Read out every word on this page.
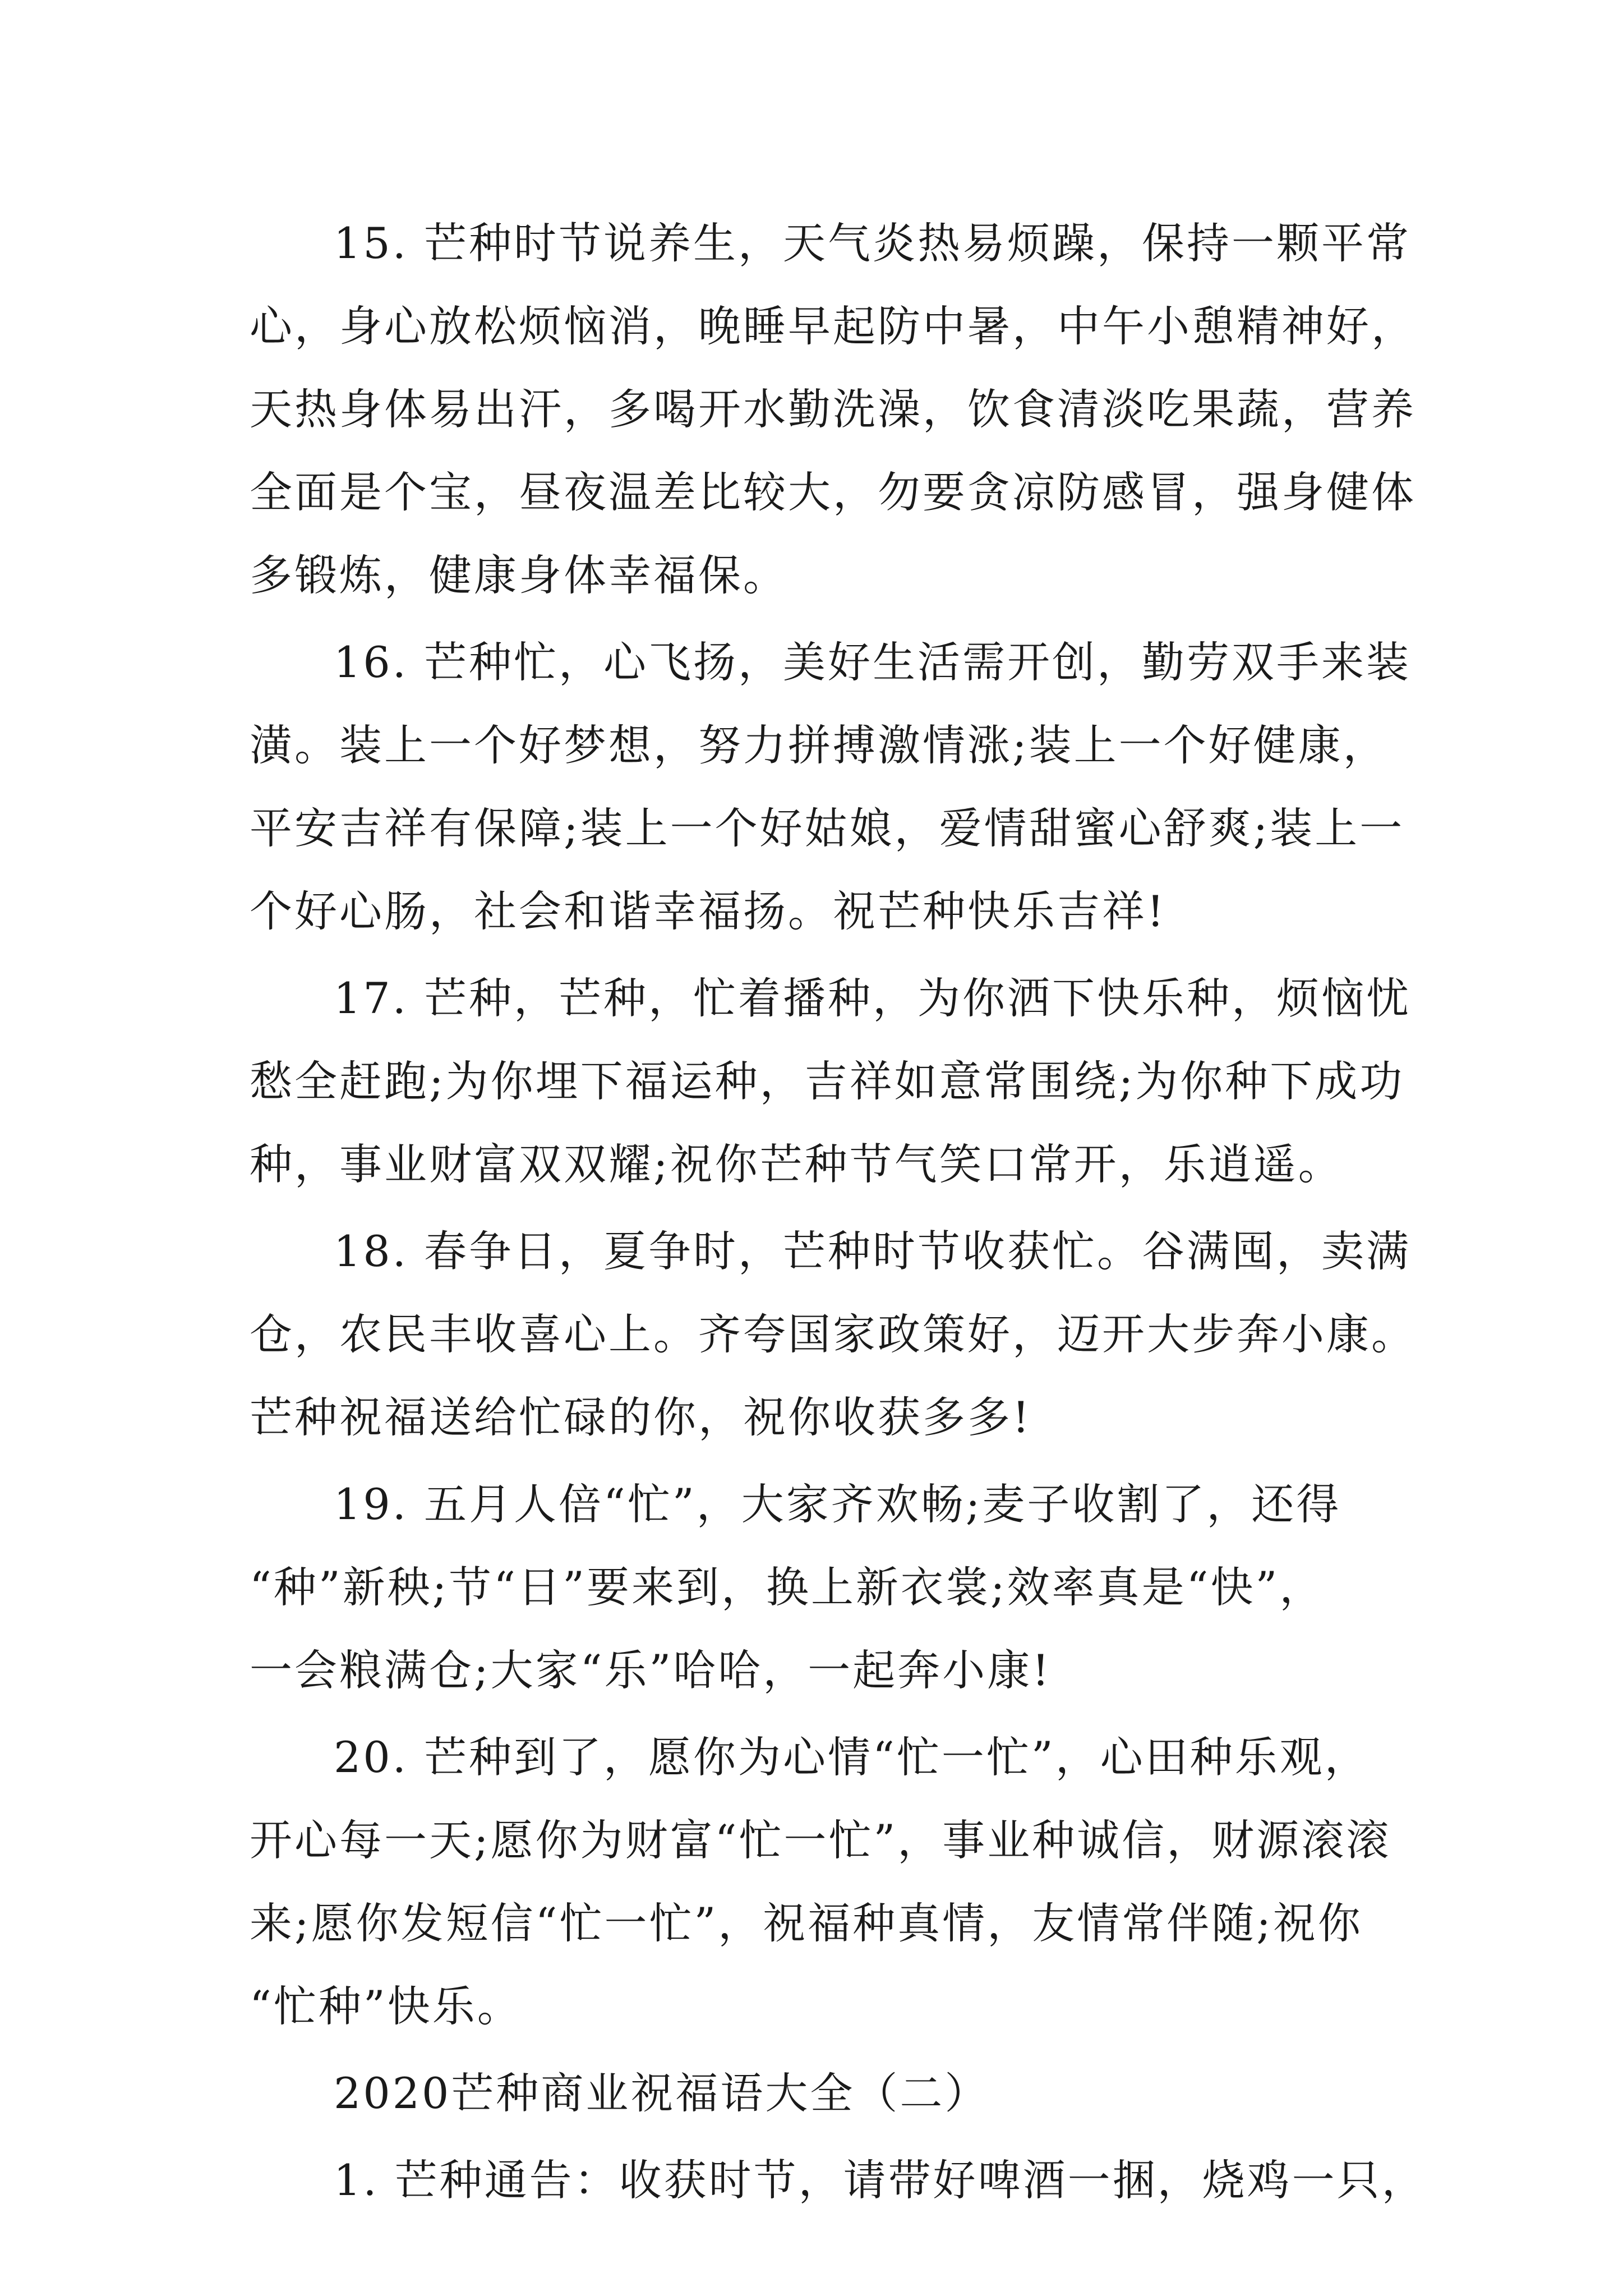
15. 芒种时节说养生，天气炎热易烦躁，保持一颗平常
心，身心放松烦恼消，晚睡早起防中暑，中午小憩精神好，
天热身体易出汗，多喝开水勤洗澡，饮食清淡吃果蔬，营养
全面是个宝，昼夜温差比较大，勿要贪凉防感冒，强身健体
多锻炼，健康身体幸福保。
16. 芒种忙，心飞扬，美好生活需开创，勤劳双手来装
潢。装上一个好梦想，努力拼搏激情涨;装上一个好健康，
平安吉祥有保障;装上一个好姑娘，爱情甜蜜心舒爽;装上一
个好心肠，社会和谐幸福扬。祝芒种快乐吉祥!
17. 芒种，芒种，忙着播种，为你洒下快乐种，烦恼忧
愁全赶跑;为你埋下福运种，吉祥如意常围绕;为你种下成功
种，事业财富双双耀;祝你芒种节气笑口常开，乐逍遥。
18. 春争日，夏争时，芒种时节收获忙。谷满囤，卖满
仓，农民丰收喜心上。齐夸国家政策好，迈开大步奔小康。
芒种祝福送给忙碌的你，祝你收获多多!
19. 五月人倍“忙”，大家齐欢畅;麦子收割了，还得
“种”新秧;节“日”要来到，换上新衣裳;效率真是“快”，
一会粮满仓;大家“乐”哈哈，一起奔小康!
20. 芒种到了，愿你为心情“忙一忙”，心田种乐观，
开心每一天;愿你为财富“忙一忙”，事业种诚信，财源滚滚
来;愿你发短信“忙一忙”，祝福种真情，友情常伴随;祝你
“忙种”快乐。
2020芒种商业祝福语大全（二）
1. 芒种通告：收获时节，请带好啤酒一捆，烧鸡一只，
